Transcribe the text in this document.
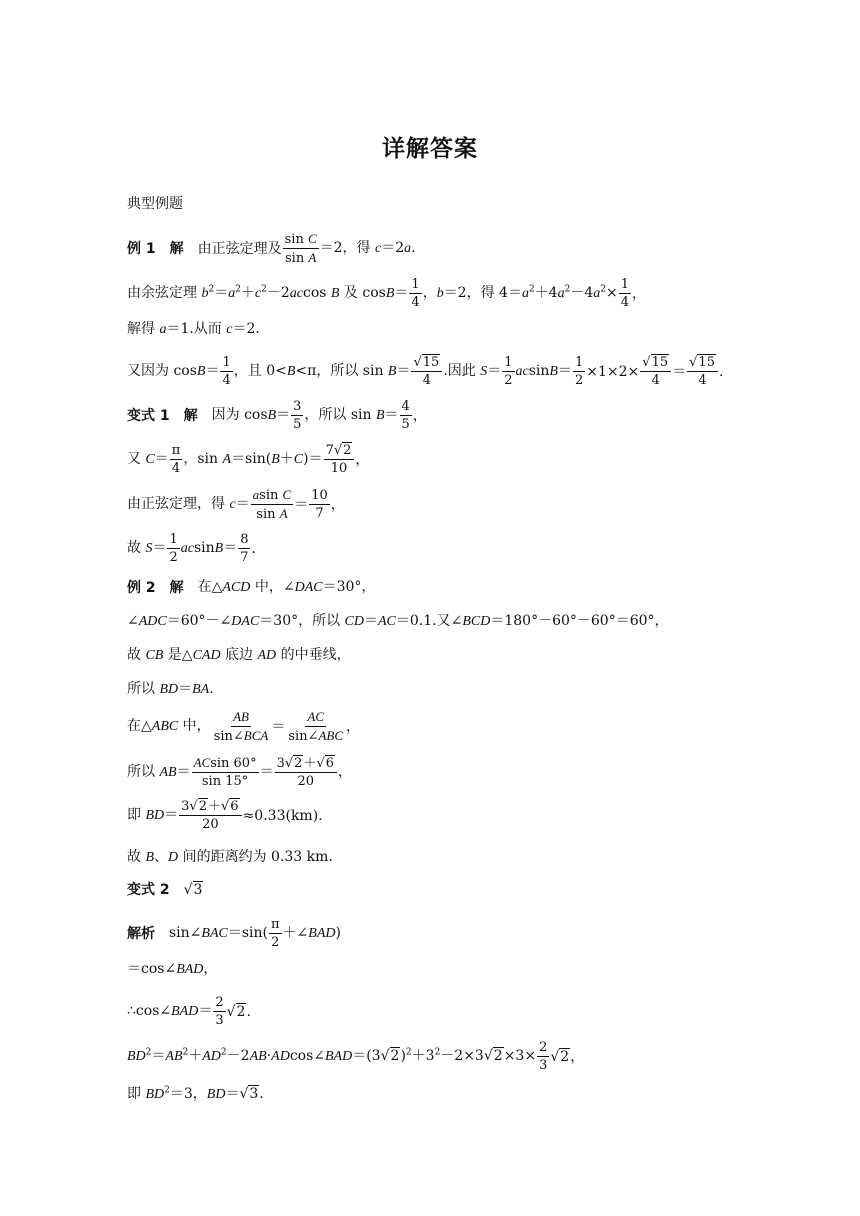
详解答案
典型例题
例 1 解 由正弦定理及
sin C
sin A
＝2，得 c＝2a.
由余弦定理 $b^2=a^2+c^2-2accos$ B 及 cosB＝
1
4
，b＝2，得 $4=a^2+4a^2-4a^2\times \frac{1}{4}$ ，
解得 a＝1.从而 c＝2.
又因为 cosB＝
1
4
，且 0<B<π，所以 sin B＝
√15
4
.因此 S＝
1
2
$acsinB= \frac{1}{2} \times 1\times 2\times \frac{√15}{4}$ ＝
√15
4
.
变式 1 解 因为 cosB＝
3
5
，所以 sin B＝
4
5
，
又 C＝
π
4
，sin A＝sin(B＋C)＝
7√2
10
，
由正弦定理，得 c＝
asin C
sin A
＝
10
7
，
故 S＝
1
2
acsinB＝
8
7
.
例 2 解 在△ACD 中，∠DAC＝30°，
∠ADC＝60°－∠DAC＝30°，所以 CD＝AC＝0.1.又∠BCD＝180°－60°－60°＝60°，
故 CB 是△CAD 底边 AD 的中垂线，
所以 BD＝BA.
在△ABC 中，
AB
sin∠BCA
＝
AC
sin∠ABC
，
所以 AB＝
ACsin 60°
sin 15°
＝
3√2＋√6
20
，
即 $BD= \frac{3√2+√6}{20} \approx 0.33(km)$.
故 B、D 间的距离约为 0.33 km.
变式 2 √3
解析 sin∠BAC＝sin(
π
2
＋∠BAD)
＝cos∠BAD，
∴cos∠BAD＝
2
3
√2 .
$BD^2=AB^2+AD^2-2AB\cdot ADcos\angle BAD=(3√2)^2+3^2-2\times 3√2\times 3\times \frac{2}{3} √2$ ，
即 $BD^2=3$，BD＝√3.
